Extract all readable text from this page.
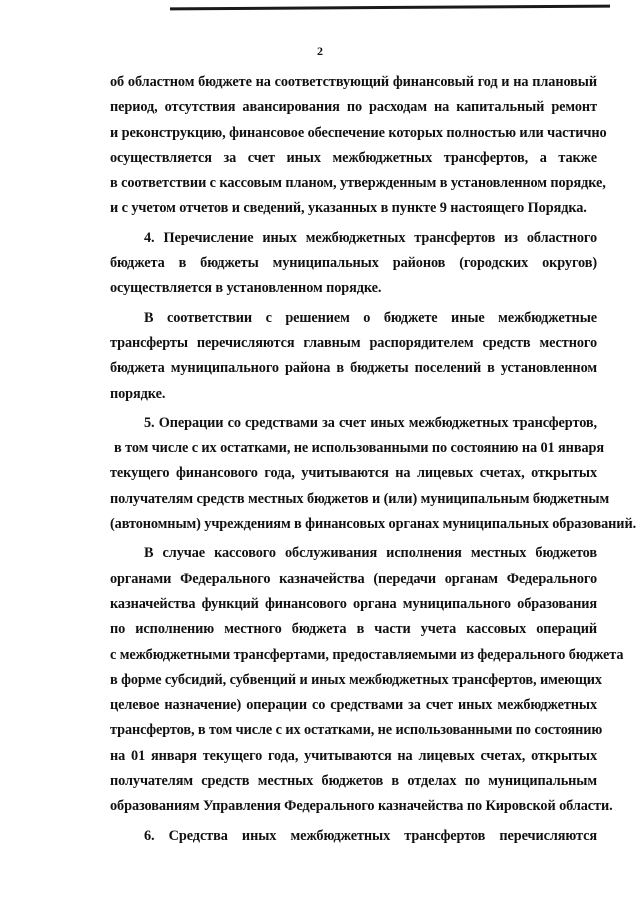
2
об областном бюджете на соответствующий финансовый год и на плановый
период, отсутствия авансирования по расходам на капитальный ремонт
и реконструкцию, финансовое обеспечение которых полностью или частично
осуществляется за счет иных межбюджетных трансфертов, а также
в соответствии с кассовым планом, утвержденным в установленном порядке,
и с учетом отчетов и сведений, указанных в пункте 9 настоящего Порядка.
4. Перечисление иных межбюджетных трансфертов из областного
бюджета в бюджеты муниципальных районов (городских округов)
осуществляется в установленном порядке.
В соответствии с решением о бюджете иные межбюджетные
трансферты перечисляются главным распорядителем средств местного
бюджета муниципального района в бюджеты поселений в установленном
порядке.
5. Операции со средствами за счет иных межбюджетных трансфертов,
в том числе с их остатками, не использованными по состоянию на 01 января
текущего финансового года, учитываются на лицевых счетах, открытых
получателям средств местных бюджетов и (или) муниципальным бюджетным
(автономным) учреждениям в финансовых органах муниципальных образований.
В случае кассового обслуживания исполнения местных бюджетов
органами Федерального казначейства (передачи органам Федерального
казначейства функций финансового органа муниципального образования
по исполнению местного бюджета в части учета кассовых операций
с межбюджетными трансфертами, предоставляемыми из федерального бюджета
в форме субсидий, субвенций и иных межбюджетных трансфертов, имеющих
целевое назначение) операции со средствами за счет иных межбюджетных
трансфертов, в том числе с их остатками, не использованными по состоянию
на 01 января текущего года, учитываются на лицевых счетах, открытых
получателям средств местных бюджетов в отделах по муниципальным
образованиям Управления Федерального казначейства по Кировской области.
6. Средства иных межбюджетных трансфертов перечисляются
